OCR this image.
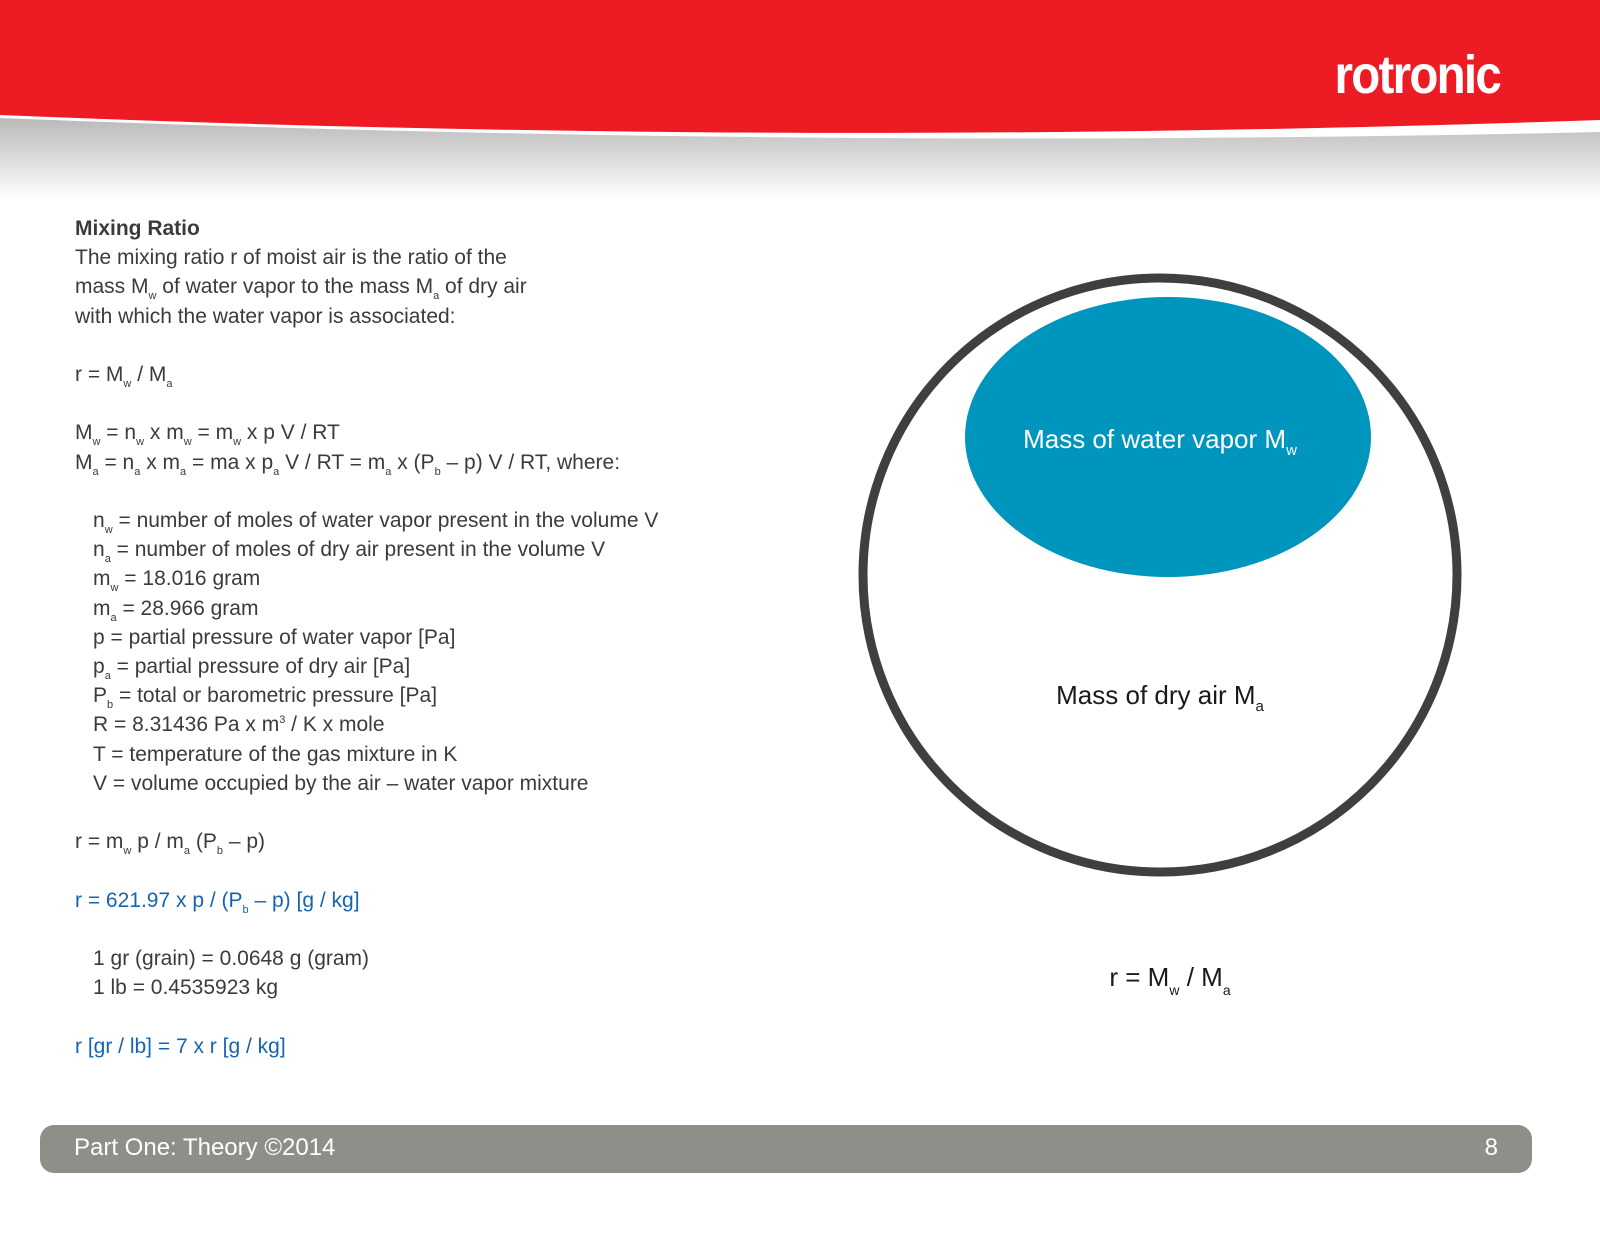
rotronic
Mixing Ratio
The mixing ratio r of moist air is the ratio of the
mass $M_w$ of water vapor to the mass $M_a$ of dry air
with which the water vapor is associated:
$r = M_w / M_a$
$M_w = n_w$ x $m_w = m_w$ x p V / RT
$M_a = n_a$ x $m_a$ = ma x $p_a$ V / RT = $m_a$ x $(P_b - p)$ V / RT, where:
$n_w$ = number of moles of water vapor present in the volume V
$n_a$ = number of moles of dry air present in the volume V
$m_w = 18.016$ gram
$m_a = 28.966$ gram
p = partial pressure of water vapor [Pa]
$p_a$ = partial pressure of dry air [Pa]
$P_b$ = total or barometric pressure [Pa]
R = 8.31436 Pa x $m^3$ / K x mole
T = temperature of the gas mixture in K
V = volume occupied by the air – water vapor mixture
$r = m_w$ p / $m_a$ $(P_b - p)$
r = 621.97 x p / $(P_b - p)$ [g / kg]
1 gr (grain) = 0.0648 g (gram)
1 lb = 0.4535923 kg
r [gr / lb] = 7 x r [g / kg]
Mass of water vapor $M_w$
Mass of dry air $M_a$
$r = M_w / M_a$
Part One: Theory ©2014	8
